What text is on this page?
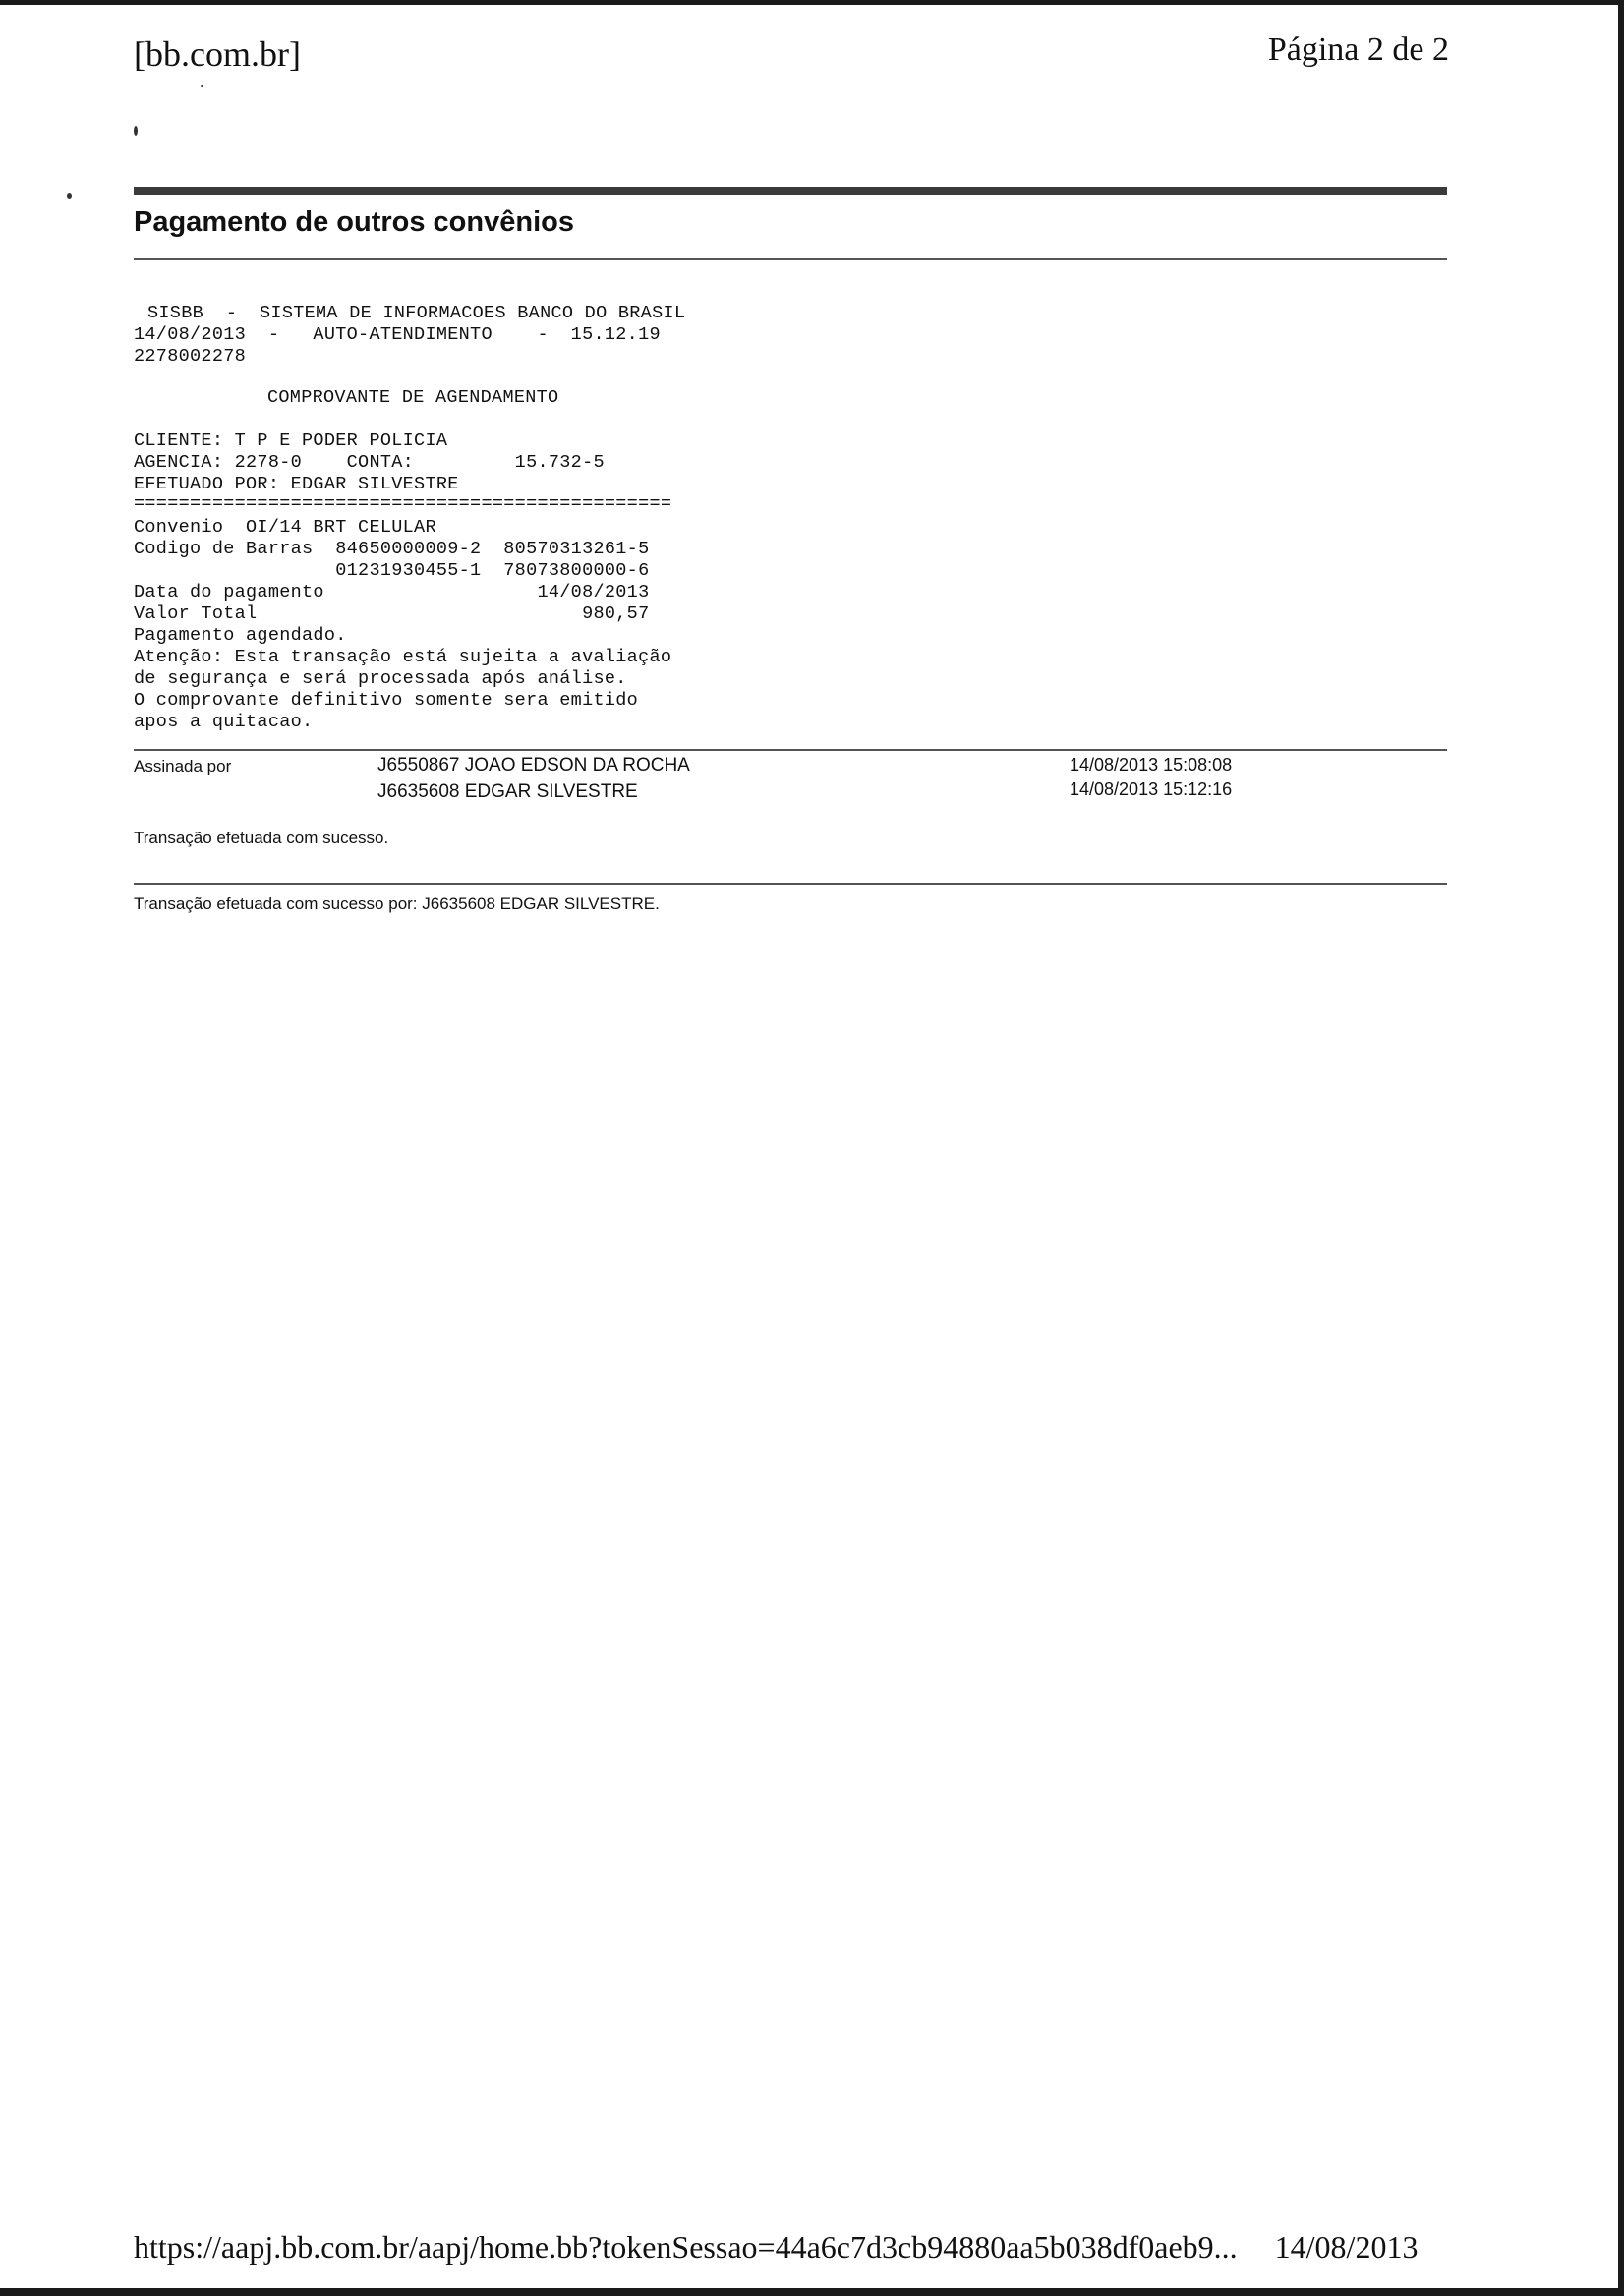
[bb.com.br]	Página 2 de 2
Pagamento de outros convênios
SISBB  -  SISTEMA DE INFORMACOES BANCO DO BRASIL
14/08/2013  -   AUTO-ATENDIMENTO    -  15.12.19
2278002278
COMPROVANTE DE AGENDAMENTO
CLIENTE: T P E PODER POLICIA
AGENCIA: 2278-0    CONTA:         15.732-5
EFETUADO POR: EDGAR SILVESTRE
================================================
Convenio  OI/14 BRT CELULAR
Codigo de Barras  84650000009-2  80570313261-5
01231930455-1  78073800000-6
Data do pagamento                   14/08/2013
Valor Total                             980,57
Pagamento agendado.
Atenção: Esta transação está sujeita a avaliação
de segurança e será processada após análise.
O comprovante definitivo somente sera emitido
apos a quitacao.
Assinada por	J6550867 JOAO EDSON DA ROCHA	14/08/2013 15:08:08
J6635608 EDGAR SILVESTRE	14/08/2013 15:12:16
Transação efetuada com sucesso.
Transação efetuada com sucesso por: J6635608 EDGAR SILVESTRE.
https://aapj.bb.com.br/aapj/home.bb?tokenSessao=44a6c7d3cb94880aa5b038df0aeb9... 14/08/2013
